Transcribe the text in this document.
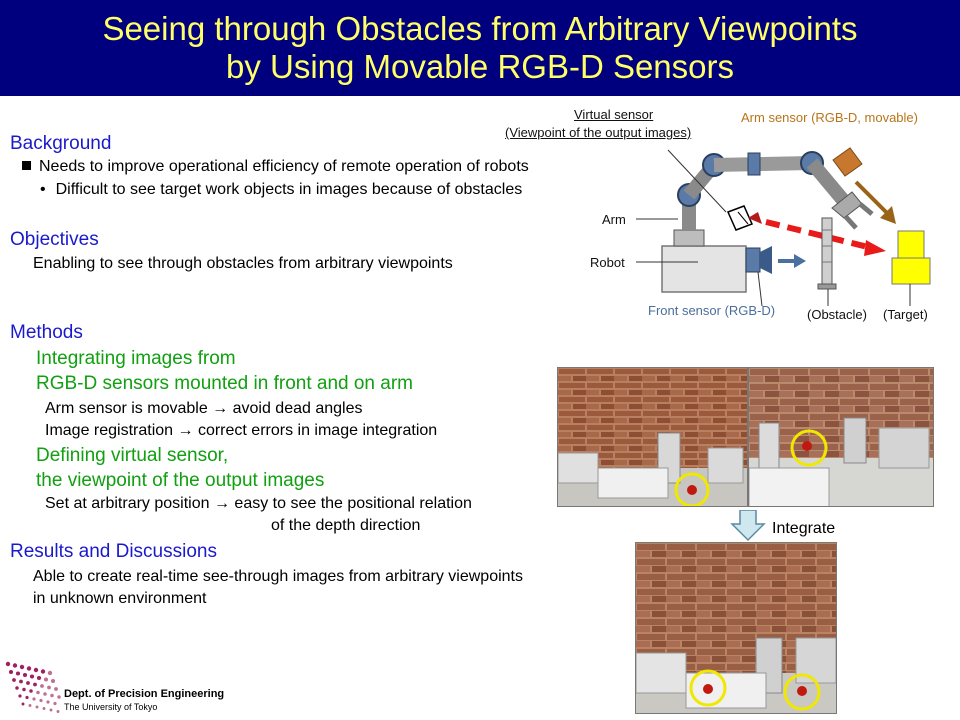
Seeing through Obstacles from Arbitrary Viewpoints
by Using Movable RGB-D Sensors
Background
Needs to improve operational efficiency of remote operation of robots
• Difficult to see target work objects in images because of obstacles
Objectives
Enabling to see through obstacles from arbitrary viewpoints
Methods
Integrating images from
RGB-D sensors mounted in front and on arm
Arm sensor is movable → avoid dead angles
Image registration → correct errors in image integration
Defining virtual sensor,
the viewpoint of the output images
Set at arbitrary position → easy to see the positional relation
of the depth direction
Results and Discussions
Able to create real-time see-through images from arbitrary viewpoints
in unknown environment
Virtual sensor
(Viewpoint of the output images)
Arm sensor (RGB-D, movable)
Arm
Robot
Front sensor (RGB-D) (Obstacle) (Target)
Integrate
Dept. of Precision Engineering
The University of Tokyo
